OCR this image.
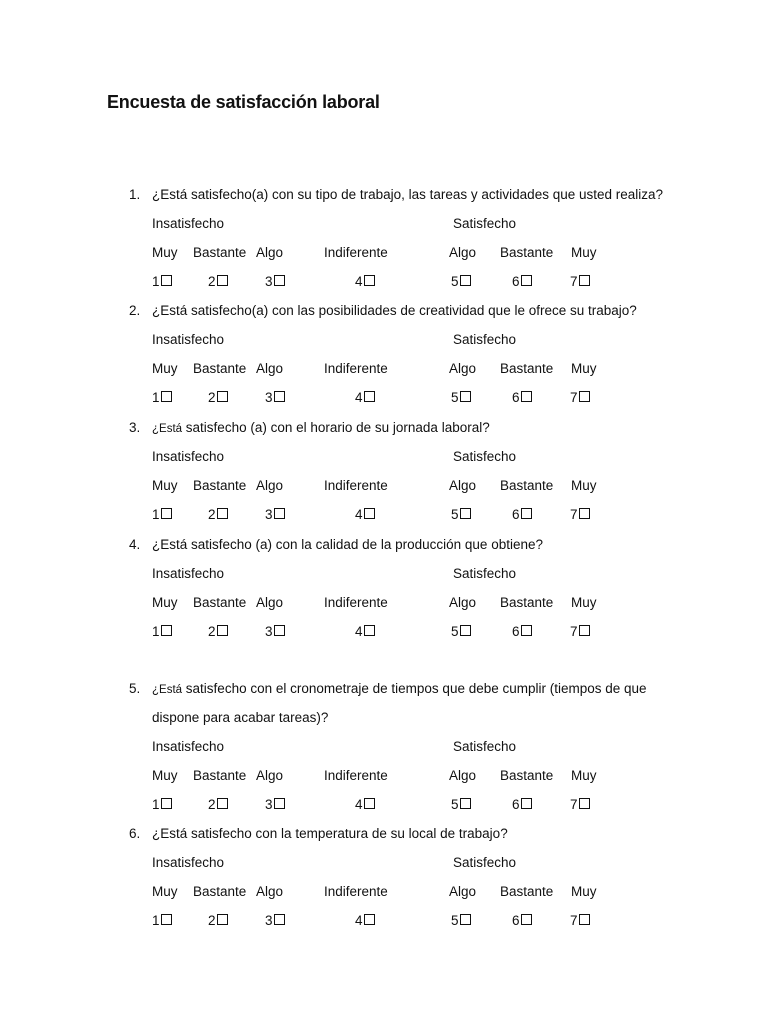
Encuesta de satisfacción laboral
1. ¿Está satisfecho(a) con su tipo de trabajo, las tareas y actividades que usted realiza?
Insatisfecho	Satisfecho
Muy Bastante Algo	Indiferente	Algo Bastante Muy
1	2	3	4	5	6	7
2. ¿Está satisfecho(a) con las posibilidades de creatividad que le ofrece su trabajo?
Insatisfecho	Satisfecho
Muy Bastante Algo	Indiferente	Algo Bastante Muy
1	2	3	4	5	6	7
3. ¿Está satisfecho (a) con el horario de su jornada laboral?
Insatisfecho	Satisfecho
Muy Bastante Algo	Indiferente	Algo Bastante Muy
1	2	3	4	5	6	7
4. ¿Está satisfecho (a) con la calidad de la producción que obtiene?
Insatisfecho	Satisfecho
Muy Bastante Algo	Indiferente	Algo Bastante Muy
1	2	3	4	5	6	7
5. ¿Está satisfecho con el cronometraje de tiempos que debe cumplir (tiempos de que
dispone para acabar tareas)?
Insatisfecho	Satisfecho
Muy Bastante Algo	Indiferente	Algo Bastante Muy
1	2	3	4	5	6	7
6. ¿Está satisfecho con la temperatura de su local de trabajo?
Insatisfecho	Satisfecho
Muy Bastante Algo	Indiferente	Algo Bastante Muy
1	2	3	4	5	6	7
